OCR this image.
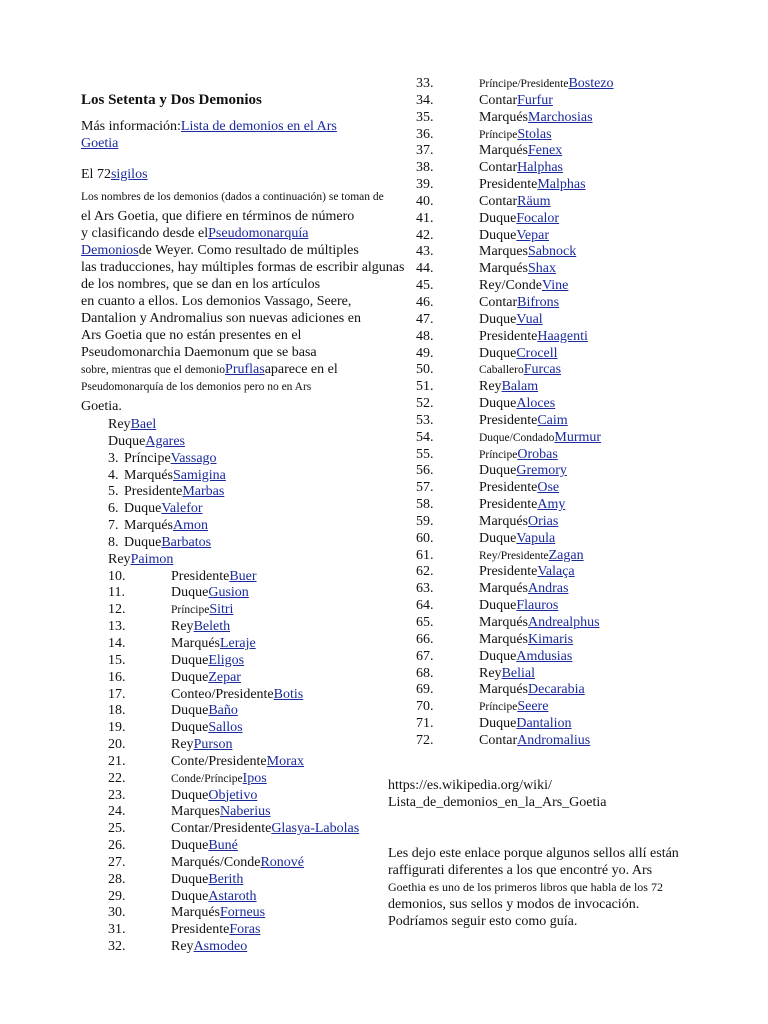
Los Setenta y Dos Demonios
Más información:Lista de demonios en el Ars
Goetia
El 72sigilos
Los nombres de los demonios (dados a continuación) se toman de
el Ars Goetia, que difiere en términos de número
y clasificando desde elPseudomonarquía
Demoniosde Weyer. Como resultado de múltiples
las traducciones, hay múltiples formas de escribir algunas
de los nombres, que se dan en los artículos
en cuanto a ellos. Los demonios Vassago, Seere,
Dantalion y Andromalius son nuevas adiciones en
Ars Goetia que no están presentes en el
Pseudomonarchia Daemonum que se basa
sobre, mientras que el demonioPruflasaparece en el
Pseudomonarquía de los demonios pero no en Ars
Goetia.
ReyBael
DuqueAgares
3. PríncipeVassago
4. MarquésSamigina
5. PresidenteMarbas
6. DuqueValefor
7. MarquésAmon
8. DuqueBarbatos
ReyPaimon
10.	PresidenteBuer
11.	DuqueGusion
12.	PríncipeSitri
13.	ReyBeleth
14.	MarquésLeraje
15.	DuqueEligos
16.	DuqueZepar
17.	Conteo/PresidenteBotis
18.	DuqueBaño
19.	DuqueSallos
20.	ReyPurson
21.	Conte/PresidenteMorax
22.	Conde/PríncipeIpos
23.	DuqueObjetivo
24.	MarquesNaberius
25.	Contar/PresidenteGlasya-Labolas
26.	DuqueBuné
27.	Marqués/CondeRonové
28.	DuqueBerith
29.	DuqueAstaroth
30.	MarquésForneus
31.	PresidenteForas
32.	ReyAsmodeo
33.	Príncipe/PresidenteBostezo
34.	ContarFurfur
35.	MarquésMarchosias
36.	PríncipeStolas
37.	MarquésFenex
38.	ContarHalphas
39.	PresidenteMalphas
40.	ContarRäum
41.	DuqueFocalor
42.	DuqueVepar
43.	MarquesSabnock
44.	MarquésShax
45.	Rey/CondeVine
46.	ContarBifrons
47.	DuqueVual
48.	PresidenteHaagenti
49.	DuqueCrocell
50.	CaballeroFurcas
51.	ReyBalam
52.	DuqueAloces
53.	PresidenteCaim
54.	Duque/CondadoMurmur
55.	PríncipeOrobas
56.	DuqueGremory
57.	PresidenteOse
58.	PresidenteAmy
59.	MarquésOrias
60.	DuqueVapula
61.	Rey/PresidenteZagan
62.	PresidenteValaça
63.	MarquésAndras
64.	DuqueFlauros
65.	MarquésAndrealphus
66.	MarquésKimaris
67.	DuqueAmdusias
68.	ReyBelial
69.	MarquésDecarabia
70.	PríncipeSeere
71.	DuqueDantalion
72.	ContarAndromalius
https://es.wikipedia.org/wiki/
Lista_de_demonios_en_la_Ars_Goetia
Les dejo este enlace porque algunos sellos allí están
raffigurati diferentes a los que encontré yo. Ars
Goethia es uno de los primeros libros que habla de los 72
demonios, sus sellos y modos de invocación.
Podríamos seguir esto como guía.
